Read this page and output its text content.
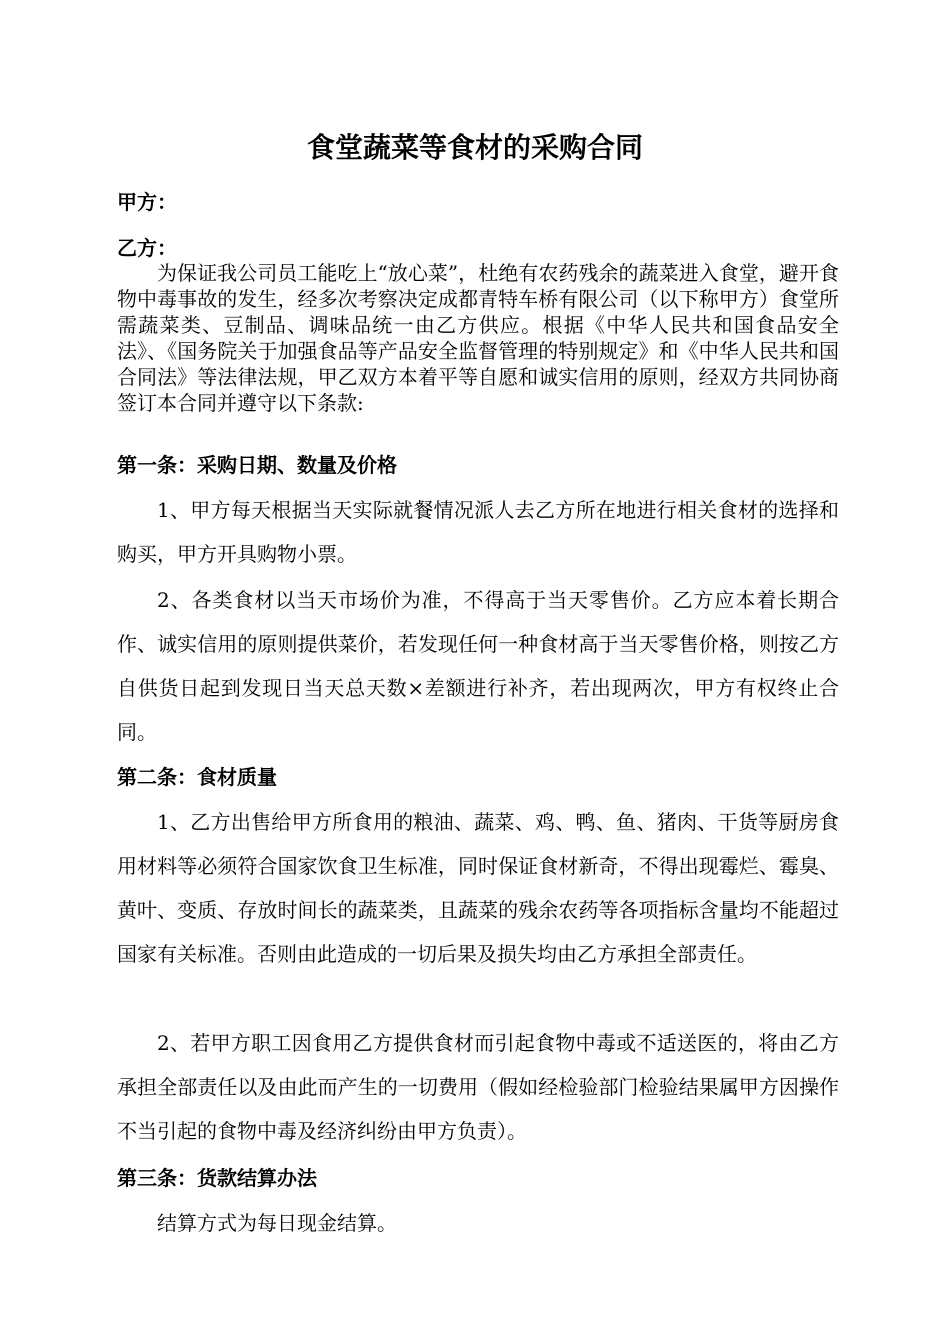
食堂蔬菜等食材的采购合同
甲方：
乙方：

为保证我公司员工能吃上“放心菜”，杜绝有农药残余的蔬菜进入食堂，避开食物中毒事故的发生，经多次考察决定成都青特车桥有限公司（以下称甲方）食堂所需蔬菜类、豆制品、调味品统一由乙方供应。根据《中华人民共和国食品安全法》、《国务院关于加强食品等产品安全监督管理的特别规定》和《中华人民共和国合同法》等法律法规，甲乙双方本着平等自愿和诚实信用的原则，经双方共同协商签订本合同并遵守以下条款:

第一条：采购日期、数量及价格

1、甲方每天根据当天实际就餐情况派人去乙方所在地进行相关食材的选择和购买，甲方开具购物小票。

2、各类食材以当天市场价为准，不得高于当天零售价。乙方应本着长期合作、诚实信用的原则提供菜价，若发现任何一种食材高于当天零售价格，则按乙方自供货日起到发现日当天总天数×差额进行补齐，若出现两次，甲方有权终止合同。

第二条：食材质量

1、乙方出售给甲方所食用的粮油、蔬菜、鸡、鸭、鱼、猪肉、干货等厨房食用材料等必须符合国家饮食卫生标准，同时保证食材新奇，不得出现霉烂、霉臭、黄叶、变质、存放时间长的蔬菜类，且蔬菜的残余农药等各项指标含量均不能超过国家有关标准。否则由此造成的一切后果及损失均由乙方承担全部责任。

2、若甲方职工因食用乙方提供食材而引起食物中毒或不适送医的，将由乙方承担全部责任以及由此而产生的一切费用（假如经检验部门检验结果属甲方因操作不当引起的食物中毒及经济纠纷由甲方负责）。

第三条：货款结算办法

结算方式为每日现金结算。
